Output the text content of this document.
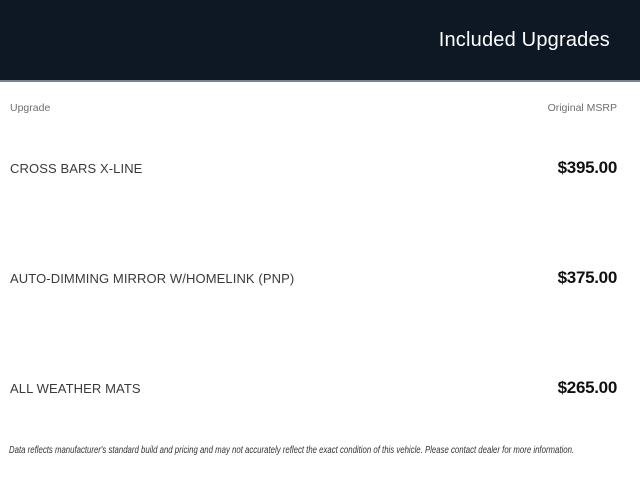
Included Upgrades
Upgrade	Original MSRP
CROSS BARS X-LINE	$395.00
AUTO-DIMMING MIRROR W/HOMELINK (PNP)	$375.00
ALL WEATHER MATS	$265.00
Data reflects manufacturer's standard build and pricing and may not accurately reflect the exact condition of this vehicle. Please contact dealer for more information.
